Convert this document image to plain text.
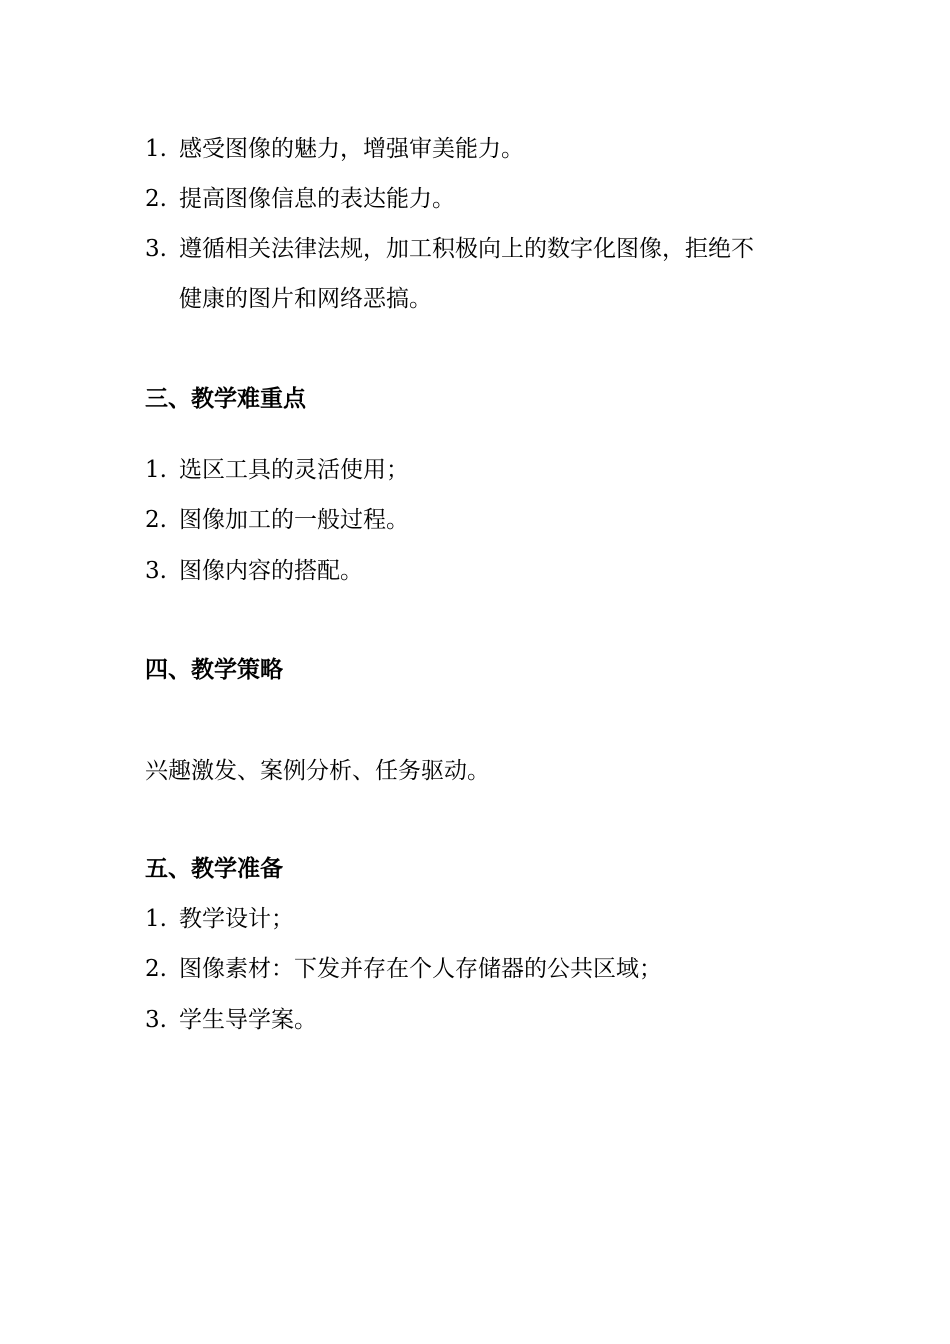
1. 感受图像的魅力，增强审美能力。
2. 提高图像信息的表达能力。
3. 遵循相关法律法规，加工积极向上的数字化图像，拒绝不
健康的图片和网络恶搞。
三、教学难重点
1. 选区工具的灵活使用；
2. 图像加工的一般过程。
3. 图像内容的搭配。
四、教学策略
兴趣激发、案例分析、任务驱动。
五、教学准备
1. 教学设计；
2. 图像素材：下发并存在个人存储器的公共区域；
3. 学生导学案。
